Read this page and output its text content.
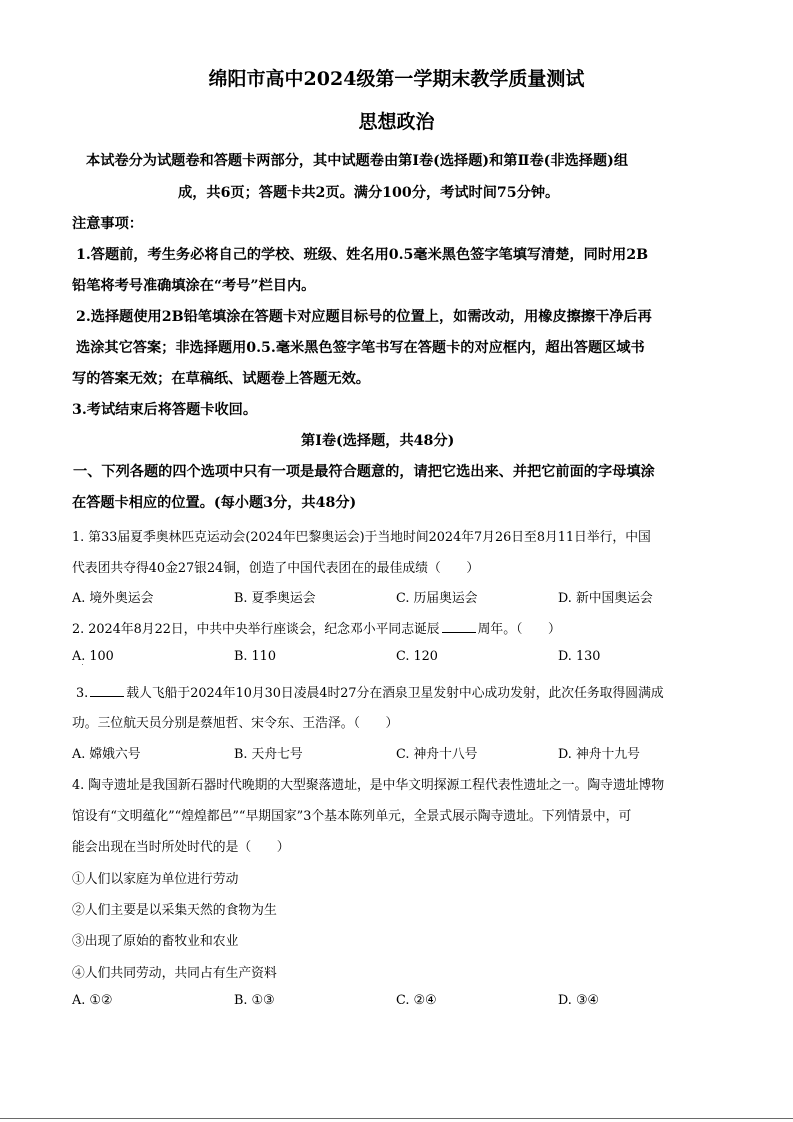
绵阳市高中2024级第一学期末教学质量测试
思想政治
本试卷分为试题卷和答题卡两部分，其中试题卷由第Ⅰ卷(选择题)和第Ⅱ卷(非选择题)组
成，共6页；答题卡共2页。满分100分，考试时间75分钟。
注意事项：
1.答题前，考生务必将自己的学校、班级、姓名用0.5毫米黑色签字笔填写清楚，同时用2B
铅笔将考号准确填涂在“考号”栏目内。
2.选择题使用2B铅笔填涂在答题卡对应题目标号的位置上，如需改动，用橡皮擦擦干净后再
选涂其它答案；非选择题用0.5.毫米黑色签字笔书写在答题卡的对应框内，超出答题区域书
写的答案无效；在草稿纸、试题卷上答题无效。
3.考试结束后将答题卡收回。
第Ⅰ卷(选择题，共48分)
一、下列各题的四个选项中只有一项是最符合题意的，请把它选出来、并把它前面的字母填涂
在答题卡相应的位置。(每小题3分，共48分)
1. 第33届夏季奥林匹克运动会(2024年巴黎奥运会)于当地时间2024年7月26日至8月11日举行，中国
代表团共夺得40金27银24铜，创造了中国代表团在的最佳成绩（　　）
A. 境外奥运会	B. 夏季奥运会	C. 历届奥运会	D. 新中国奥运会
2. 2024年8月22日，中共中央举行座谈会，纪念邓小平同志诞辰	周年。（　　）
A. 100	B. 110	C. 120	D. 130
3.	载人飞船于2024年10月30日凌晨4时27分在酒泉卫星发射中心成功发射，此次任务取得圆满成
功。三位航天员分别是蔡旭哲、宋令东、王浩泽。（　　）
A. 嫦娥六号	B. 天舟七号	C. 神舟十八号	D. 神舟十九号
4. 陶寺遗址是我国新石器时代晚期的大型聚落遗址，是中华文明探源工程代表性遗址之一。陶寺遗址博物
馆设有“文明蕴化”“煌煌都邑”“早期国家”3个基本陈列单元，全景式展示陶寺遗址。下列情景中，可
能会出现在当时所处时代的是（　　）
①人们以家庭为单位进行劳动
②人们主要是以采集天然的食物为生
③出现了原始的畜牧业和农业
④人们共同劳动，共同占有生产资料
A. ①②	B. ①③	C. ②④	D. ③④
